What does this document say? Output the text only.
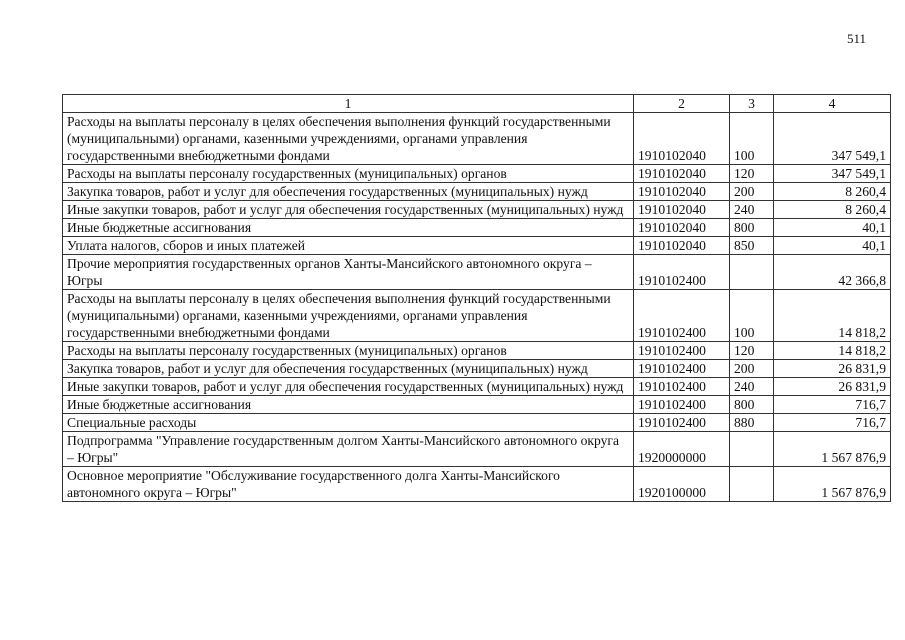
511
1	2	3	4
Расходы на выплаты персоналу в целях обеспечения выполнения функций государственными (муниципальными) органами, казенными учреждениями, органами управления государственными внебюджетными фондами	1910102040	100	347 549,1
Расходы на выплаты персоналу государственных (муниципальных) органов	1910102040	120	347 549,1
Закупка товаров, работ и услуг для обеспечения государственных (муниципальных) нужд	1910102040	200	8 260,4
Иные закупки товаров, работ и услуг для обеспечения государственных (муниципальных) нужд	1910102040	240	8 260,4
Иные бюджетные ассигнования	1910102040	800	40,1
Уплата налогов, сборов и иных платежей	1910102040	850	40,1
Прочие мероприятия государственных органов Ханты-Мансийского автономного округа – Югры	1910102400		42 366,8
Расходы на выплаты персоналу в целях обеспечения выполнения функций государственными (муниципальными) органами, казенными учреждениями, органами управления государственными внебюджетными фондами	1910102400	100	14 818,2
Расходы на выплаты персоналу государственных (муниципальных) органов	1910102400	120	14 818,2
Закупка товаров, работ и услуг для обеспечения государственных (муниципальных) нужд	1910102400	200	26 831,9
Иные закупки товаров, работ и услуг для обеспечения государственных (муниципальных) нужд	1910102400	240	26 831,9
Иные бюджетные ассигнования	1910102400	800	716,7
Специальные расходы	1910102400	880	716,7
Подпрограмма "Управление государственным долгом Ханты-Мансийского автономного округа – Югры"	1920000000		1 567 876,9
Основное мероприятие "Обслуживание государственного долга Ханты-Мансийского автономного округа – Югры"	1920100000		1 567 876,9
